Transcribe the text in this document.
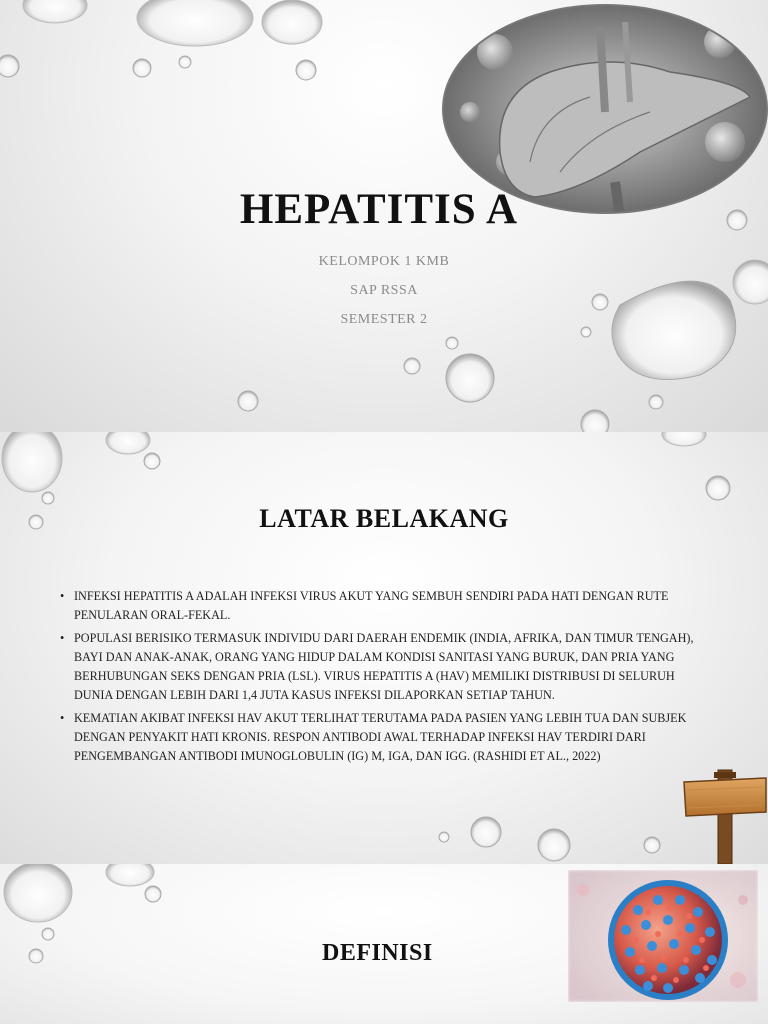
HEPATITIS A
KELOMPOK 1 KMB
SAP RSSA
SEMESTER 2
LATAR BELAKANG
• INFEKSI HEPATITIS A ADALAH INFEKSI VIRUS AKUT YANG SEMBUH SENDIRI PADA HATI DENGAN RUTE PENULARAN ORAL-FEKAL.
• POPULASI BERISIKO TERMASUK INDIVIDU DARI DAERAH ENDEMIK (INDIA, AFRIKA, DAN TIMUR TENGAH), BAYI DAN ANAK-ANAK, ORANG YANG HIDUP DALAM KONDISI SANITASI YANG BURUK, DAN PRIA YANG BERHUBUNGAN SEKS DENGAN PRIA (LSL). VIRUS HEPATITIS A (HAV) MEMILIKI DISTRIBUSI DI SELURUH DUNIA DENGAN LEBIH DARI 1,4 JUTA KASUS INFEKSI DILAPORKAN SETIAP TAHUN.
• KEMATIAN AKIBAT INFEKSI HAV AKUT TERLIHAT TERUTAMA PADA PASIEN YANG LEBIH TUA DAN SUBJEK DENGAN PENYAKIT HATI KRONIS. RESPON ANTIBODI AWAL TERHADAP INFEKSI HAV TERDIRI DARI PENGEMBANGAN ANTIBODI IMUNOGLOBULIN (IG) M, IGA, DAN IGG. (RASHIDI ET AL., 2022)
DEFINISI
